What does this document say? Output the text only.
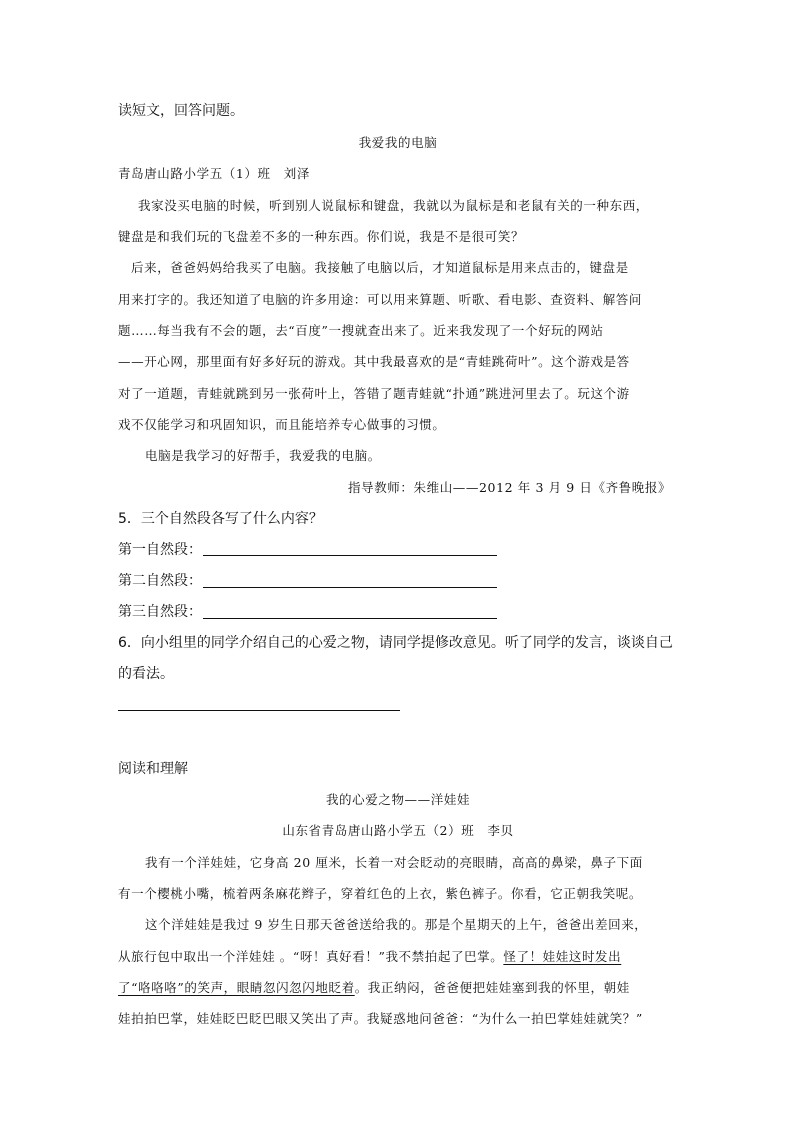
读短文，回答问题。
我爱我的电脑
青岛唐山路小学五（1）班　刘泽
我家没买电脑的时候，听到别人说鼠标和键盘，我就以为鼠标是和老鼠有关的一种东西，
键盘是和我们玩的飞盘差不多的一种东西。你们说，我是不是很可笑？
后来，爸爸妈妈给我买了电脑。我接触了电脑以后，才知道鼠标是用来点击的，键盘是
用来打字的。我还知道了电脑的许多用途：可以用来算题、听歌、看电影、查资料、解答问
题……每当我有不会的题，去“百度”一搜就查出来了。近来我发现了一个好玩的网站
——开心网，那里面有好多好玩的游戏。其中我最喜欢的是“青蛙跳荷叶”。这个游戏是答
对了一道题，青蛙就跳到另一张荷叶上，答错了题青蛙就“扑通”跳进河里去了。玩这个游
戏不仅能学习和巩固知识，而且能培养专心做事的习惯。
电脑是我学习的好帮手，我爱我的电脑。
指导教师：朱维山——2012 年 3 月 9 日《齐鲁晚报》
5．三个自然段各写了什么内容？
第一自然段：
第二自然段：
第三自然段：
6．向小组里的同学介绍自己的心爱之物，请同学提修改意见。听了同学的发言，谈谈自己
的看法。
阅读和理解
我的心爱之物——洋娃娃
山东省青岛唐山路小学五（2）班　李贝
我有一个洋娃娃，它身高 20 厘米，长着一对会眨动的亮眼睛，高高的鼻梁，鼻子下面
有一个樱桃小嘴，梳着两条麻花辫子，穿着红色的上衣，紫色裤子。你看，它正朝我笑呢。
这个洋娃娃是我过 9 岁生日那天爸爸送给我的。那是个星期天的上午，爸爸出差回来，
从旅行包中取出一个洋娃娃 。“呀！真好看！”我不禁拍起了巴掌。怪了！娃娃这时发出
了“咯咯咯”的笑声，眼睛忽闪忽闪地眨着。我正纳闷，爸爸便把娃娃塞到我的怀里，朝娃
娃拍拍巴掌，娃娃眨巴眨巴眼又笑出了声。我疑惑地问爸爸：“为什么一拍巴掌娃娃就笑？”
